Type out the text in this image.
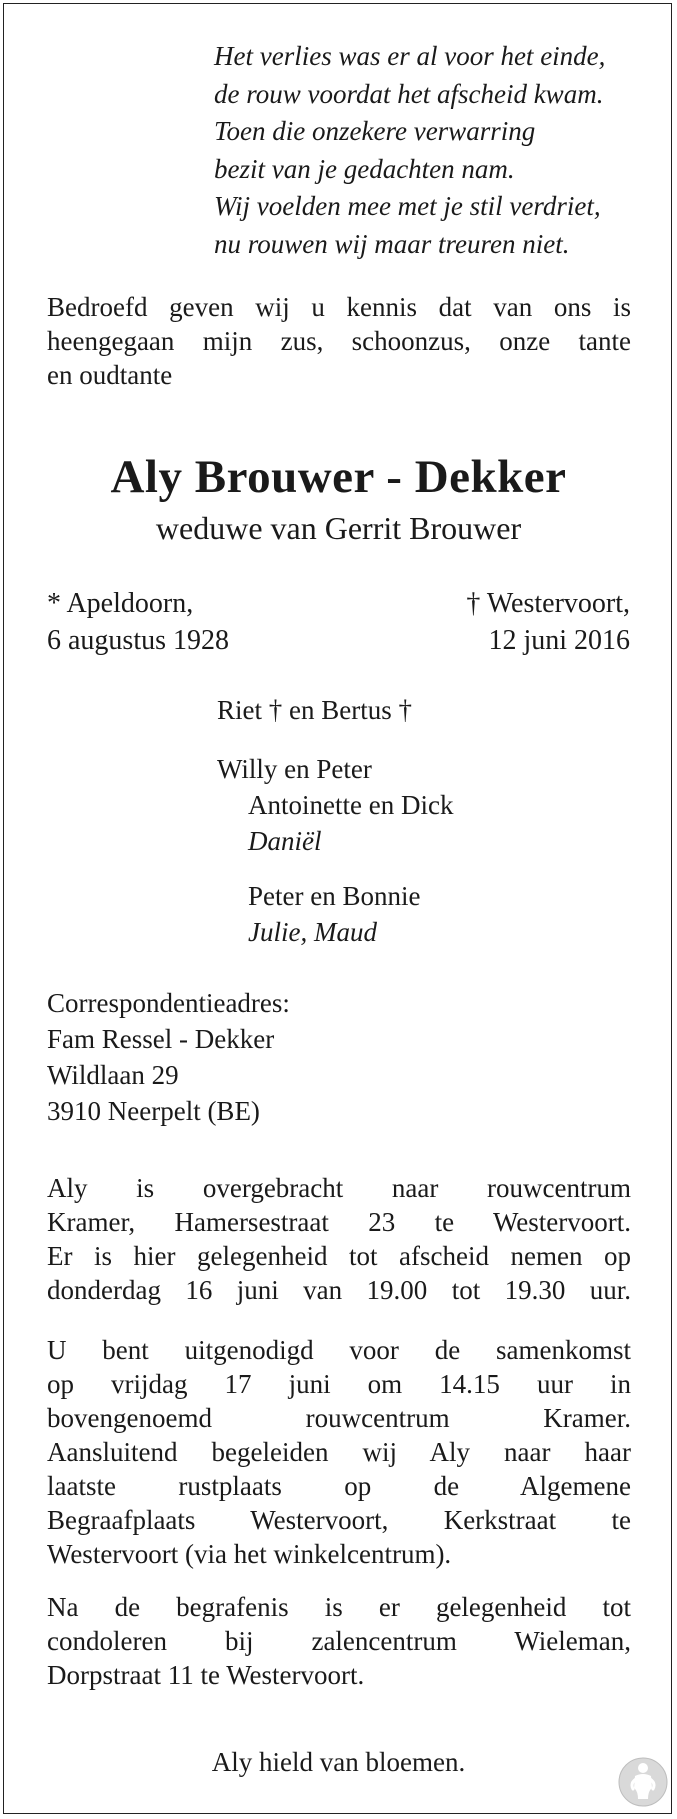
Het verlies was er al voor het einde,
de rouw voordat het afscheid kwam.
Toen die onzekere verwarring
bezit van je gedachten nam.
Wij voelden mee met je stil verdriet,
nu rouwen wij maar treuren niet.
Bedroefd geven wij u kennis dat van ons is
heengegaan mijn zus, schoonzus, onze tante
en oudtante
Aly Brouwer - Dekker
weduwe van Gerrit Brouwer
* Apeldoorn,
6 augustus 1928
† Westervoort,
12 juni 2016
Riet † en Bertus †
Willy en Peter
Antoinette en Dick
Daniël
Peter en Bonnie
Julie, Maud
Correspondentieadres:
Fam Ressel - Dekker
Wildlaan 29
3910 Neerpelt (BE)
Aly is overgebracht naar rouwcentrum
Kramer, Hamersestraat 23 te Westervoort.
Er is hier gelegenheid tot afscheid nemen op
donderdag 16 juni van 19.00 tot 19.30 uur.
U bent uitgenodigd voor de samenkomst
op vrijdag 17 juni om 14.15 uur in
bovengenoemd rouwcentrum Kramer.
Aansluitend begeleiden wij Aly naar haar
laatste rustplaats op de Algemene
Begraafplaats Westervoort, Kerkstraat te
Westervoort (via het winkelcentrum).
Na de begrafenis is er gelegenheid tot
condoleren bij zalencentrum Wieleman,
Dorpstraat 11 te Westervoort.
Aly hield van bloemen.
